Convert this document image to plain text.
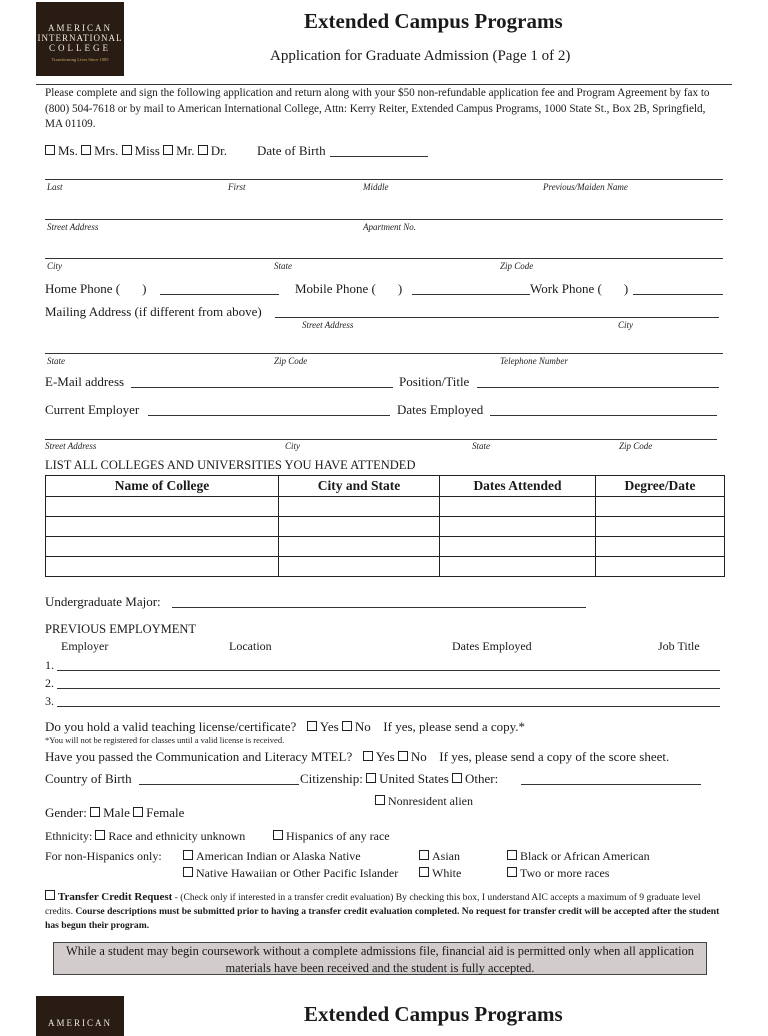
AMERICAN
INTERNATIONAL
COLLEGE
Transforming Lives Since 1885
Extended Campus Programs
Application for Graduate Admission (Page 1 of 2)
Please complete and sign the following application and return along with your $50 non-refundable application fee and Program Agreement by fax to (800) 504-7618 or by mail to American International College, Attn: Kerry Reiter, Extended Campus Programs, 1000 State St., Box 2B, Springfield, MA 01109.
Ms. Mrs. Miss Mr. Dr. Date of Birth
Last	First	Middle	Previous/Maiden Name
Street Address	Apartment No.
City	State	Zip Code
Home Phone ( )	Mobile Phone ( )	Work Phone ( )
Mailing Address (if different from above)
Street Address	City
State	Zip Code	Telephone Number
E-Mail address	Position/Title
Current Employer	Dates Employed
Street Address	City	State	Zip Code
LIST ALL COLLEGES AND UNIVERSITIES YOU HAVE ATTENDED
Name of College	City and State	Dates Attended	Degree/Date

Undergraduate Major:
PREVIOUS EMPLOYMENT
Employer	Location	Dates Employed	Job Title
1.
2.
3.
Do you hold a valid teaching license/certificate? Yes No If yes, please send a copy.*
*You will not be registered for classes until a valid license is received.
Have you passed the Communication and Literacy MTEL? Yes No If yes, please send a copy of the score sheet.
Country of Birth	Citizenship: United States Other:
Nonresident alien
Gender: Male Female
Ethnicity: Race and ethnicity unknown	Hispanics of any race
For non-Hispanics only:	American Indian or Alaska Native	Asian	Black or African American
Native Hawaiian or Other Pacific Islander	White	Two or more races
Transfer Credit Request - (Check only if interested in a transfer credit evaluation) By checking this box, I understand AIC accepts a maximum of 9 graduate level credits. Course descriptions must be submitted prior to having a transfer credit evaluation completed. No request for transfer credit will be accepted after the student has begun their program.
While a student may begin coursework without a complete admissions file, financial aid is permitted only when all application materials have been received and the student is fully accepted.
AMERICAN	Extended Campus Programs
